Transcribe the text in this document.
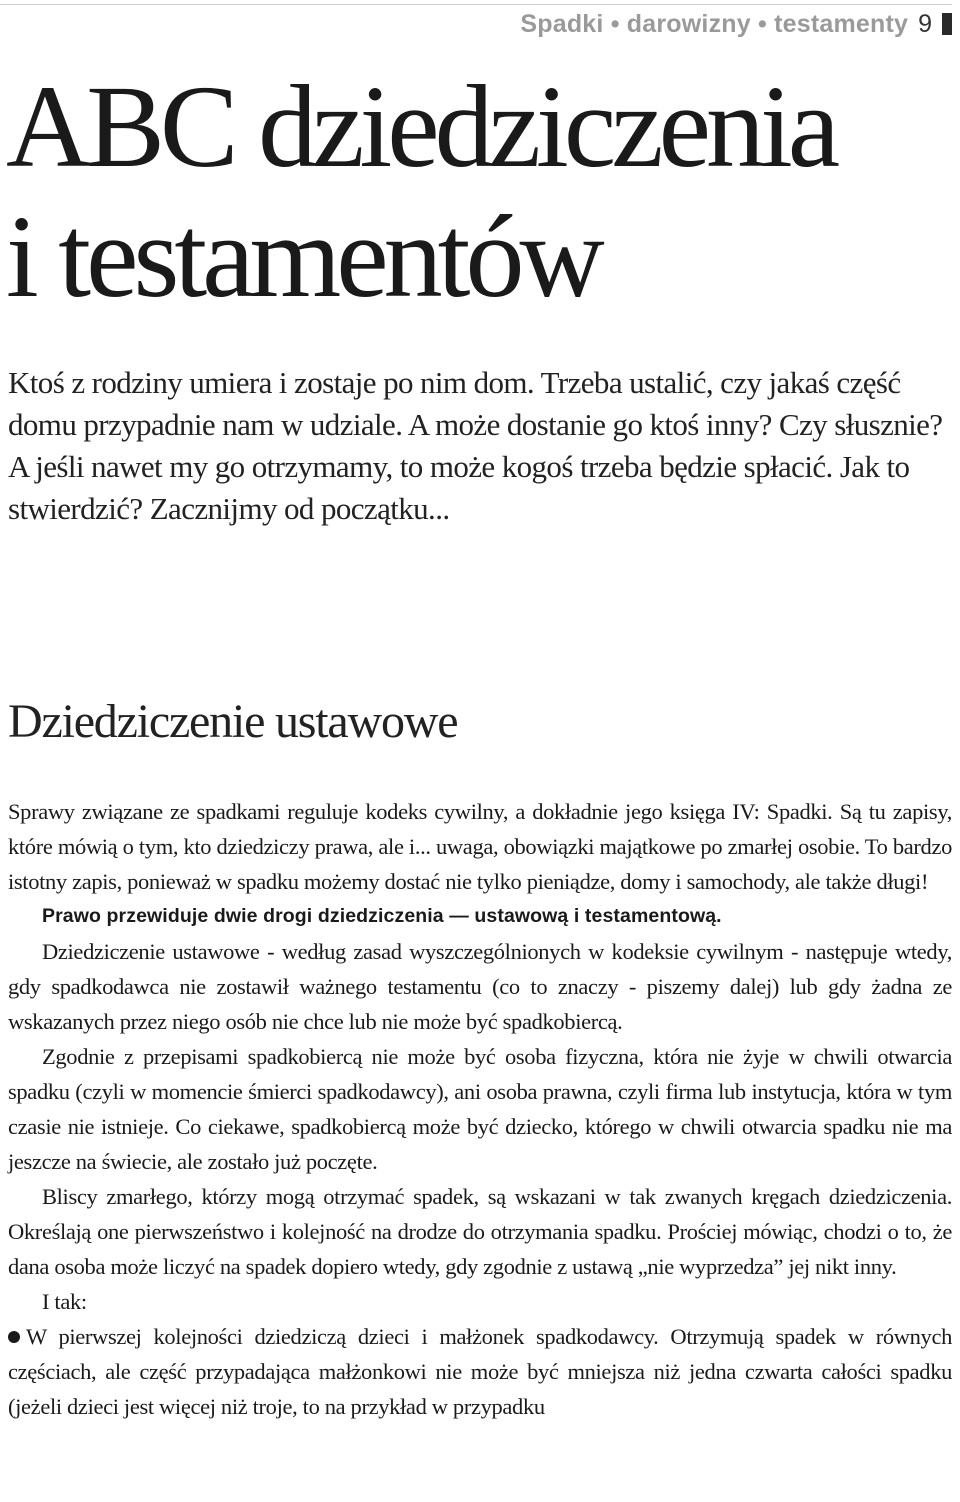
Spadki • darowizny • testamenty 9
ABC dziedziczenia
i testamentów

Ktoś z rodziny umiera i zostaje po nim dom. Trzeba ustalić, czy jakaś część domu przypadnie nam w udziale. A może dostanie go ktoś inny? Czy słusznie? A jeśli nawet my go otrzymamy, to może kogoś trzeba będzie spłacić. Jak to stwierdzić? Zacznijmy od początku...

Dziedziczenie ustawowe

Sprawy związane ze spadkami reguluje kodeks cywilny, a dokładnie jego księga IV: Spadki. Są tu zapisy, które mówią o tym, kto dziedziczy prawa, ale i... uwaga, obowiązki majątkowe po zmarłej osobie. To bardzo istotny zapis, ponieważ w spadku możemy dostać nie tylko pieniądze, domy i samochody, ale także długi!

Prawo przewiduje dwie drogi dziedziczenia — ustawową i testamentową.

Dziedziczenie ustawowe - według zasad wyszczególnionych w kodeksie cywilnym - następuje wtedy, gdy spadkodawca nie zostawił ważnego testamentu (co to znaczy - piszemy dalej) lub gdy żadna ze wskazanych przez niego osób nie chce lub nie może być spadkobiercą.

Zgodnie z przepisami spadkobiercą nie może być osoba fizyczna, która nie żyje w chwili otwarcia spadku (czyli w momencie śmierci spadkodawcy), ani osoba prawna, czyli firma lub instytucja, która w tym czasie nie istnieje. Co ciekawe, spadkobiercą może być dziecko, którego w chwili otwarcia spadku nie ma jeszcze na świecie, ale zostało już poczęte.

Bliscy zmarłego, którzy mogą otrzymać spadek, są wskazani w tak zwanych kręgach dziedziczenia. Określają one pierwszeństwo i kolejność na drodze do otrzymania spadku. Prościej mówiąc, chodzi o to, że dana osoba może liczyć na spadek dopiero wtedy, gdy zgodnie z ustawą „nie wyprzedza” jej nikt inny.

I tak:

W pierwszej kolejności dziedziczą dzieci i małżonek spadkodawcy. Otrzymują spadek w równych częściach, ale część przypadająca małżonkowi nie może być mniejsza niż jedna czwarta całości spadku (jeżeli dzieci jest więcej niż troje, to na przykład w przypadku
